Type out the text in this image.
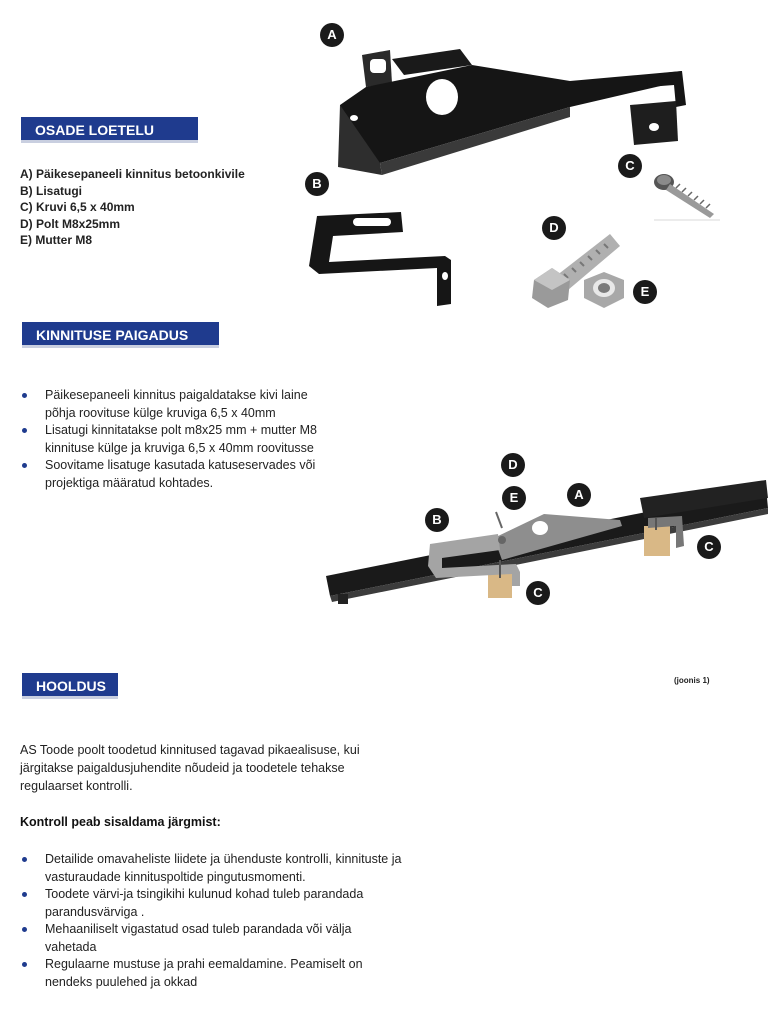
OSADE LOETELU
KINNITUSE PAIGADUS
HOOLDUS
A) Päikesepaneeli kinnitus betoonkivile
B) Lisatugi
C) Kruvi 6,5 x 40mm
D) Polt M8x25mm
E) Mutter M8
A
B
C
D
E
Päikesepaneeli kinnitus paigaldatakse kivi laine põhja roovituse külge kruviga 6,5 x 40mm
Lisatugi kinnitatakse polt m8x25 mm + mutter M8 kinnituse külge ja kruviga 6,5 x 40mm roovitusse
Soovitame lisatuge kasutada katuseservades või projektiga määratud kohtades.
D
E	A
B
C
C
(joonis 1)
AS Toode poolt toodetud kinnitused tagavad pikaealisuse, kui järgitakse paigaldusjuhendite nõudeid ja toodetele tehakse regulaarset kontrolli.
Kontroll peab sisaldama järgmist:
Detailide omavaheliste liidete ja ühenduste kontrolli, kinnituste ja vasturaudade kinnituspoltide pingutusmomenti.
Toodete värvi-ja tsingikihi kulunud kohad tuleb parandada parandusvärviga .
Mehaaniliselt vigastatud osad tuleb parandada või välja vahetada
Regulaarne mustuse ja prahi eemaldamine. Peamiselt on nendeks puulehed ja okkad
